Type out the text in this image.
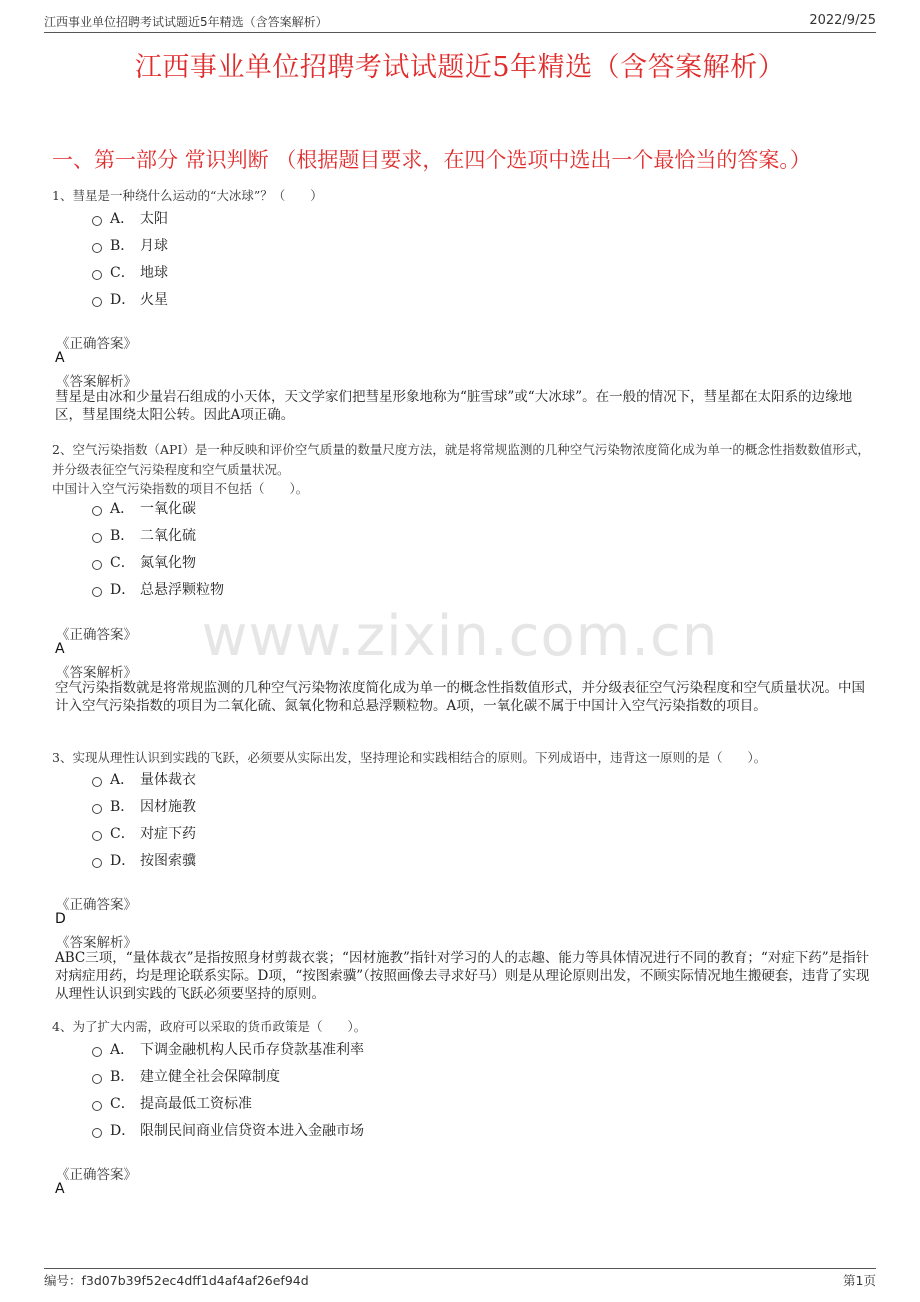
江西事业单位招聘考试试题近5年精选（含答案解析）	2022/9/25
江西事业单位招聘考试试题近5年精选（含答案解析）
www.zixin.com.cn
一、第一部分 常识判断 （根据题目要求，在四个选项中选出一个最恰当的答案。）
1、彗星是一种绕什么运动的“大冰球”？（　　）
A． 太阳
B． 月球
C． 地球
D． 火星
《正确答案》
A
《答案解析》
彗星是由冰和少量岩石组成的小天体，天文学家们把彗星形象地称为“脏雪球”或“大冰球”。在一般的情况下，彗星都在太阳系的边缘地区，彗星围绕太阳公转。因此A项正确。
2、空气污染指数（API）是一种反映和评价空气质量的数量尺度方法，就是将常规监测的几种空气污染物浓度简化成为单一的概念性指数数值形式，并分级表征空气污染程度和空气质量状况。
中国计入空气污染指数的项目不包括（　　）。
A． 一氧化碳
B． 二氧化硫
C． 氮氧化物
D． 总悬浮颗粒物
《正确答案》
A
《答案解析》
空气污染指数就是将常规监测的几种空气污染物浓度简化成为单一的概念性指数值形式，并分级表征空气污染程度和空气质量状况。中国计入空气污染指数的项目为二氧化硫、氮氧化物和总悬浮颗粒物。A项，一氧化碳不属于中国计入空气污染指数的项目。
3、实现从理性认识到实践的飞跃，必须要从实际出发，坚持理论和实践相结合的原则。下列成语中，违背这一原则的是（　　）。
A． 量体裁衣
B． 因材施教
C． 对症下药
D． 按图索骥
《正确答案》
D
《答案解析》
ABC三项，“量体裁衣”是指按照身材剪裁衣裳；“因材施教”指针对学习的人的志趣、能力等具体情况进行不同的教育；“对症下药”是指针对病症用药，均是理论联系实际。D项，“按图索骥”（按照画像去寻求好马）则是从理论原则出发，不顾实际情况地生搬硬套，违背了实现从理性认识到实践的飞跃必须要坚持的原则。
4、为了扩大内需，政府可以采取的货币政策是（　　）。
A． 下调金融机构人民币存贷款基准利率
B． 建立健全社会保障制度
C． 提高最低工资标准
D． 限制民间商业信贷资本进入金融市场
《正确答案》
A
编号：f3d07b39f52ec4dff1d4af4af26ef94d	第1页
